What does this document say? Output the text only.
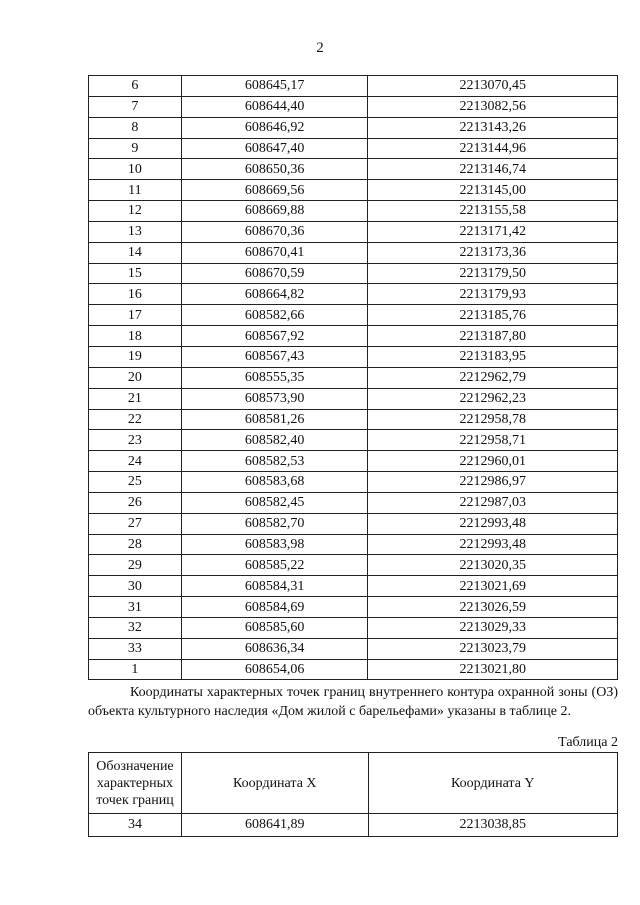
2
6	608645,17	2213070,45
7	608644,40	2213082,56
8	608646,92	2213143,26
9	608647,40	2213144,96
10	608650,36	2213146,74
11	608669,56	2213145,00
12	608669,88	2213155,58
13	608670,36	2213171,42
14	608670,41	2213173,36
15	608670,59	2213179,50
16	608664,82	2213179,93
17	608582,66	2213185,76
18	608567,92	2213187,80
19	608567,43	2213183,95
20	608555,35	2212962,79
21	608573,90	2212962,23
22	608581,26	2212958,78
23	608582,40	2212958,71
24	608582,53	2212960,01
25	608583,68	2212986,97
26	608582,45	2212987,03
27	608582,70	2212993,48
28	608583,98	2212993,48
29	608585,22	2213020,35
30	608584,31	2213021,69
31	608584,69	2213026,59
32	608585,60	2213029,33
33	608636,34	2213023,79
1	608654,06	2213021,80
Координаты характерных точек границ внутреннего контура охранной зоны (ОЗ) объекта культурного наследия «Дом жилой с барельефами» указаны в таблице 2.
Таблица 2
Обозначение характерных точек границ	Координата X	Координата Y
34	608641,89	2213038,85
